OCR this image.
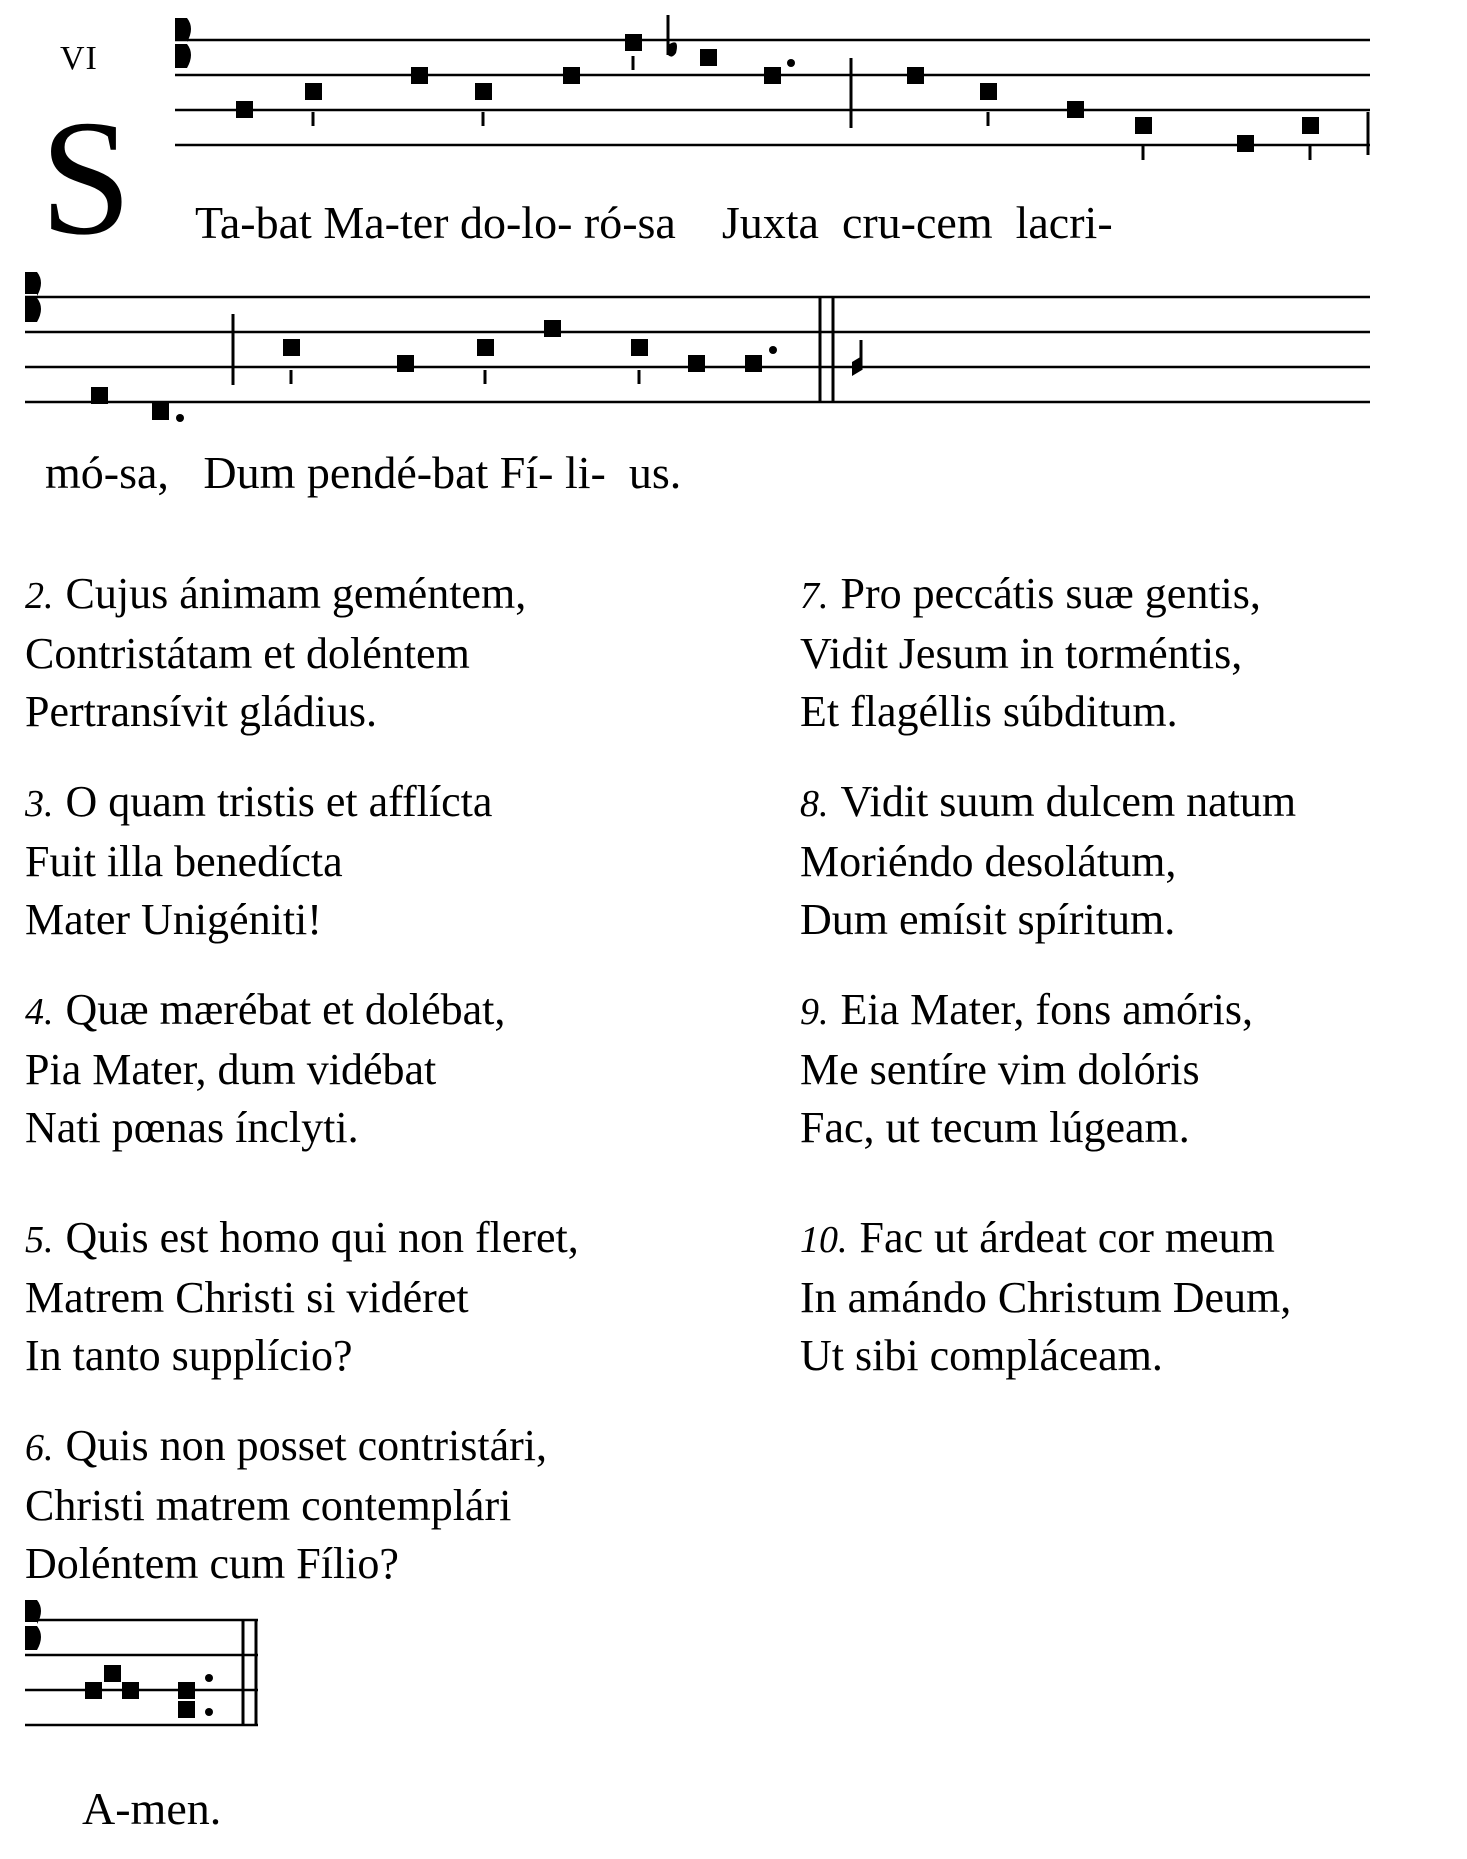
VI
S Ta-bat Ma-ter do-lo- ró-sa    Juxta  cru-cem  lacri-
mó-sa,   Dum pendé-bat Fí- li-  us.
2. Cujus ánimam geméntem,
Contristátam et doléntem
Pertransívit gládius.
3. O quam tristis et afflícta
Fuit illa benedícta
Mater Unigéniti!
4. Quæ mærébat et dolébat,
Pia Mater, dum vidébat
Nati pœnas ínclyti.
5. Quis est homo qui non fleret,
Matrem Christi si vidéret
In tanto supplício?
6. Quis non posset contristári,
Christi matrem contemplári
Doléntem cum Fílio?
7. Pro peccátis suæ gentis,
Vidit Jesum in torméntis,
Et flagéllis súbditum.
8. Vidit suum dulcem natum
Moriéndo desolátum,
Dum emísit spíritum.
9. Eia Mater, fons amóris,
Me sentíre vim dolóris
Fac, ut tecum lúgeam.
10. Fac ut árdeat cor meum
In amándo Christum Deum,
Ut sibi compláceam.
A-men.
